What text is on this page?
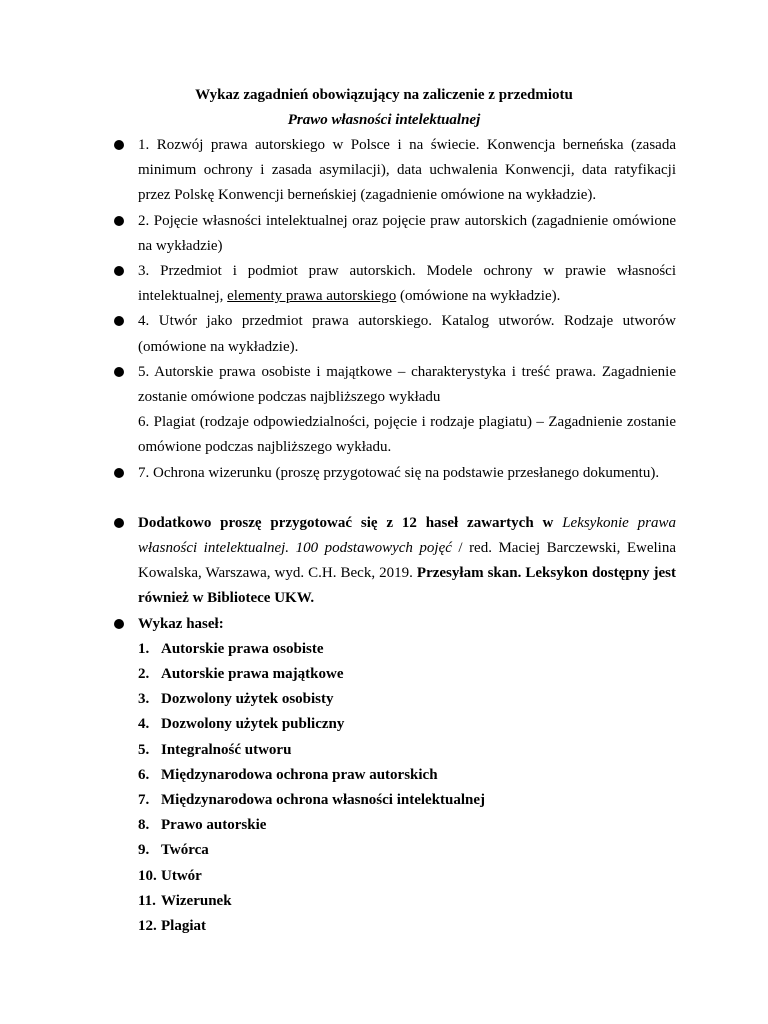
Wykaz zagadnień obowiązujący na zaliczenie z przedmiotu
Prawo własności intelektualnej

1. Rozwój prawa autorskiego w Polsce i na świecie. Konwencja berneńska (zasada minimum ochrony i zasada asymilacji), data uchwalenia Konwencji, data ratyfikacji przez Polskę Konwencji berneńskiej (zagadnienie omówione na wykładzie).

2. Pojęcie własności intelektualnej oraz pojęcie praw autorskich (zagadnienie omówione na wykładzie)

3. Przedmiot i podmiot praw autorskich. Modele ochrony w prawie własności intelektualnej, elementy prawa autorskiego (omówione na wykładzie).

4. Utwór jako przedmiot prawa autorskiego. Katalog utworów. Rodzaje utworów (omówione na wykładzie).

5. Autorskie prawa osobiste i majątkowe – charakterystyka i treść prawa. Zagadnienie zostanie omówione podczas najbliższego wykładu

6. Plagiat (rodzaje odpowiedzialności, pojęcie i rodzaje plagiatu) – Zagadnienie zostanie omówione podczas najbliższego wykładu.

7. Ochrona wizerunku (proszę przygotować się na podstawie przesłanego dokumentu).

Dodatkowo proszę przygotować się z 12 haseł zawartych w Leksykonie prawa własności intelektualnej. 100 podstawowych pojęć / red. Maciej Barczewski, Ewelina Kowalska, Warszawa, wyd. C.H. Beck, 2019. Przesyłam skan. Leksykon dostępny jest również w Bibliotece UKW.

Wykaz haseł:

1. Autorskie prawa osobiste
2. Autorskie prawa majątkowe
3. Dozwolony użytek osobisty
4. Dozwolony użytek publiczny
5. Integralność utworu
6. Międzynarodowa ochrona praw autorskich
7. Międzynarodowa ochrona własności intelektualnej
8. Prawo autorskie
9. Twórca
10. Utwór
11. Wizerunek
12. Plagiat
